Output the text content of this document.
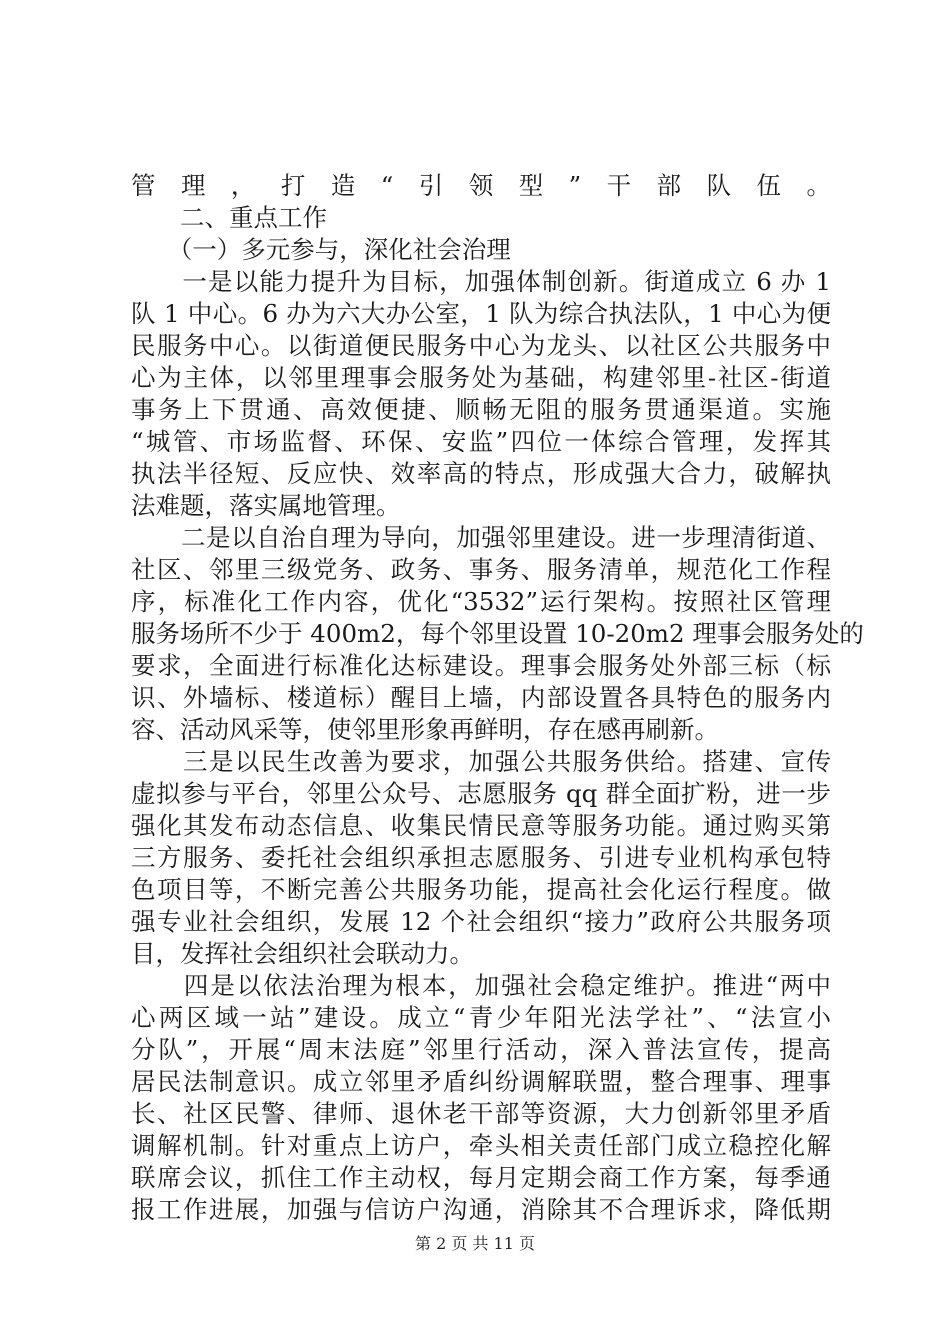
管理，打造“引领型”干部队伍。
　　二、重点工作
　　（一）多元参与，深化社会治理
　　一是以能力提升为目标，加强体制创新。街道成立 6 办 1
队 1 中心。6 办为六大办公室，1 队为综合执法队，1 中心为便
民服务中心。以街道便民服务中心为龙头、以社区公共服务中
心为主体，以邻里理事会服务处为基础，构建邻里-社区-街道
事务上下贯通、高效便捷、顺畅无阻的服务贯通渠道。实施
“城管、市场监督、环保、安监”四位一体综合管理，发挥其
执法半径短、反应快、效率高的特点，形成强大合力，破解执
法难题，落实属地管理。
　　二是以自治自理为导向，加强邻里建设。进一步理清街道、
社区、邻里三级党务、政务、事务、服务清单，规范化工作程
序，标准化工作内容，优化“3532”运行架构。按照社区管理
服务场所不少于 400m2，每个邻里设置 10-20m2 理事会服务处的
要求，全面进行标准化达标建设。理事会服务处外部三标（标
识、外墙标、楼道标）醒目上墙，内部设置各具特色的服务内
容、活动风采等，使邻里形象再鲜明，存在感再刷新。
　　三是以民生改善为要求，加强公共服务供给。搭建、宣传
虚拟参与平台，邻里公众号、志愿服务 qq 群全面扩粉，进一步
强化其发布动态信息、收集民情民意等服务功能。通过购买第
三方服务、委托社会组织承担志愿服务、引进专业机构承包特
色项目等，不断完善公共服务功能，提高社会化运行程度。做
强专业社会组织，发展 12 个社会组织“接力”政府公共服务项
目，发挥社会组织社会联动力。
　　四是以依法治理为根本，加强社会稳定维护。推进“两中
心两区域一站”建设。成立“青少年阳光法学社”、“法宣小
分队”，开展“周末法庭”邻里行活动，深入普法宣传，提高
居民法制意识。成立邻里矛盾纠纷调解联盟，整合理事、理事
长、社区民警、律师、退休老干部等资源，大力创新邻里矛盾
调解机制。针对重点上访户，牵头相关责任部门成立稳控化解
联席会议，抓住工作主动权，每月定期会商工作方案，每季通
报工作进展，加强与信访户沟通，消除其不合理诉求，降低期
第 2 页 共 11 页
